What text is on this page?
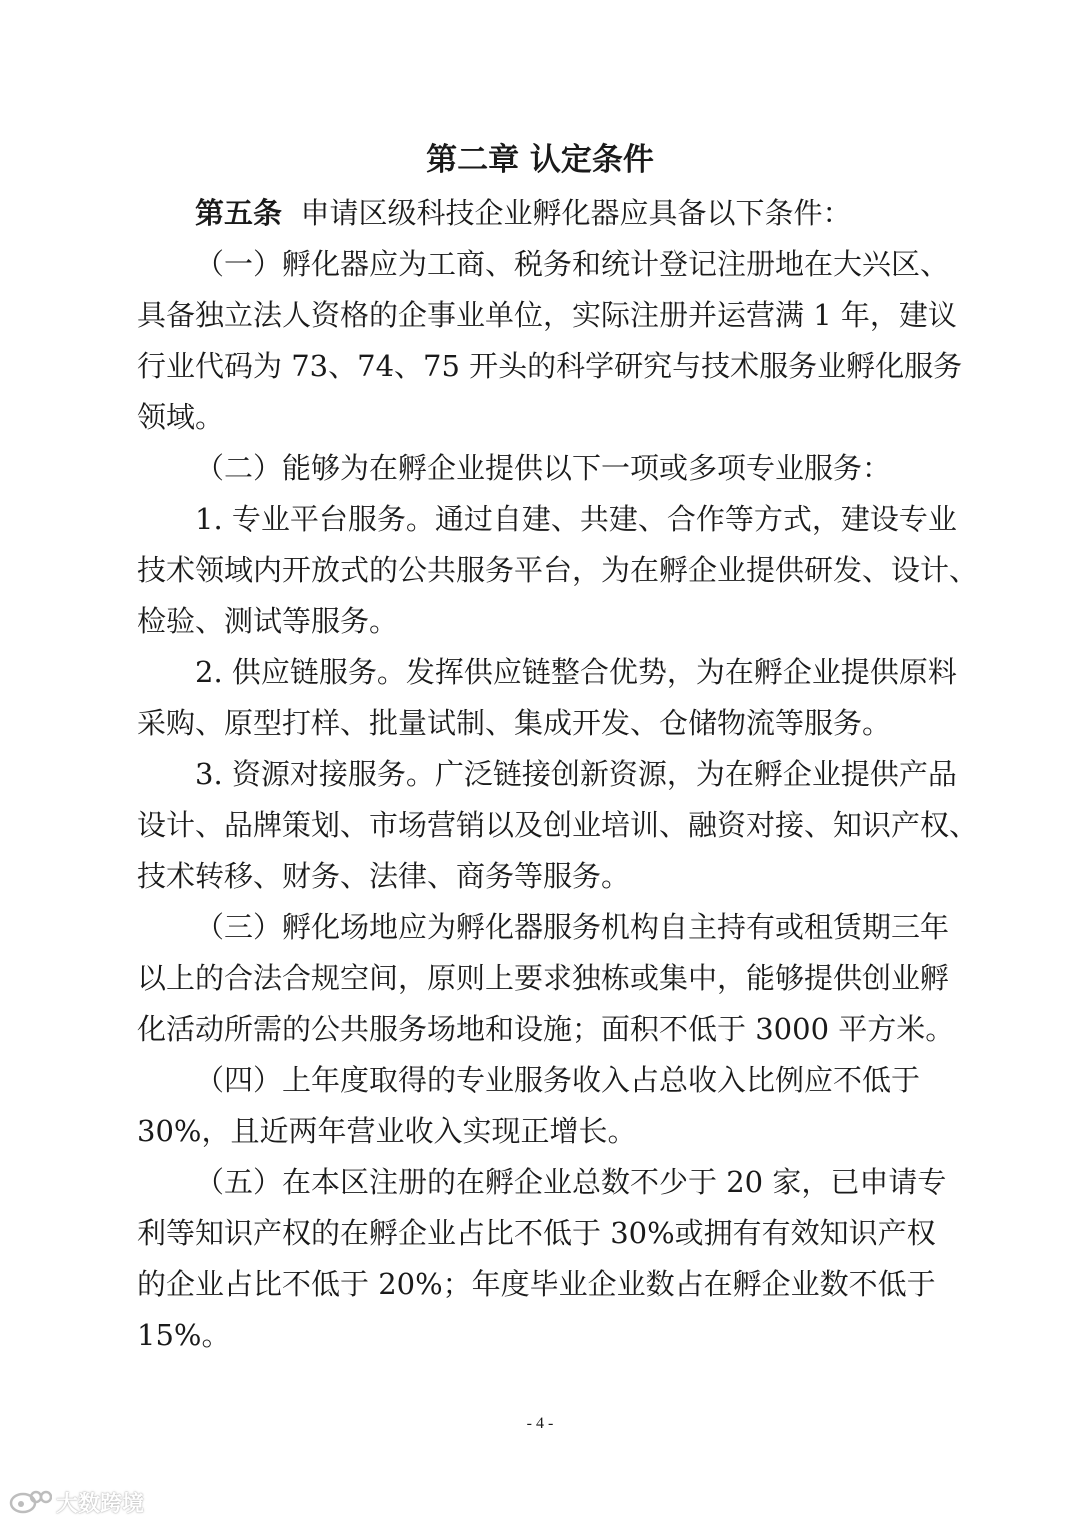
第二章 认定条件
第五条 申请区级科技企业孵化器应具备以下条件：
（一）孵化器应为工商、税务和统计登记注册地在大兴区、
具备独立法人资格的企事业单位，实际注册并运营满 1 年，建议
行业代码为 73、74、75 开头的科学研究与技术服务业孵化服务
领域。
（二）能够为在孵企业提供以下一项或多项专业服务：
1. 专业平台服务。通过自建、共建、合作等方式，建设专业
技术领域内开放式的公共服务平台，为在孵企业提供研发、设计、
检验、测试等服务。
2. 供应链服务。发挥供应链整合优势，为在孵企业提供原料
采购、原型打样、批量试制、集成开发、仓储物流等服务。
3. 资源对接服务。广泛链接创新资源，为在孵企业提供产品
设计、品牌策划、市场营销以及创业培训、融资对接、知识产权、
技术转移、财务、法律、商务等服务。
（三）孵化场地应为孵化器服务机构自主持有或租赁期三年
以上的合法合规空间，原则上要求独栋或集中，能够提供创业孵
化活动所需的公共服务场地和设施；面积不低于 3000 平方米。
（四）上年度取得的专业服务收入占总收入比例应不低于
30%，且近两年营业收入实现正增长。
（五）在本区注册的在孵企业总数不少于 20 家，已申请专
利等知识产权的在孵企业占比不低于 30%或拥有有效知识产权
的企业占比不低于 20%；年度毕业企业数占在孵企业数不低于
15%。
- 4 -
大数跨境
